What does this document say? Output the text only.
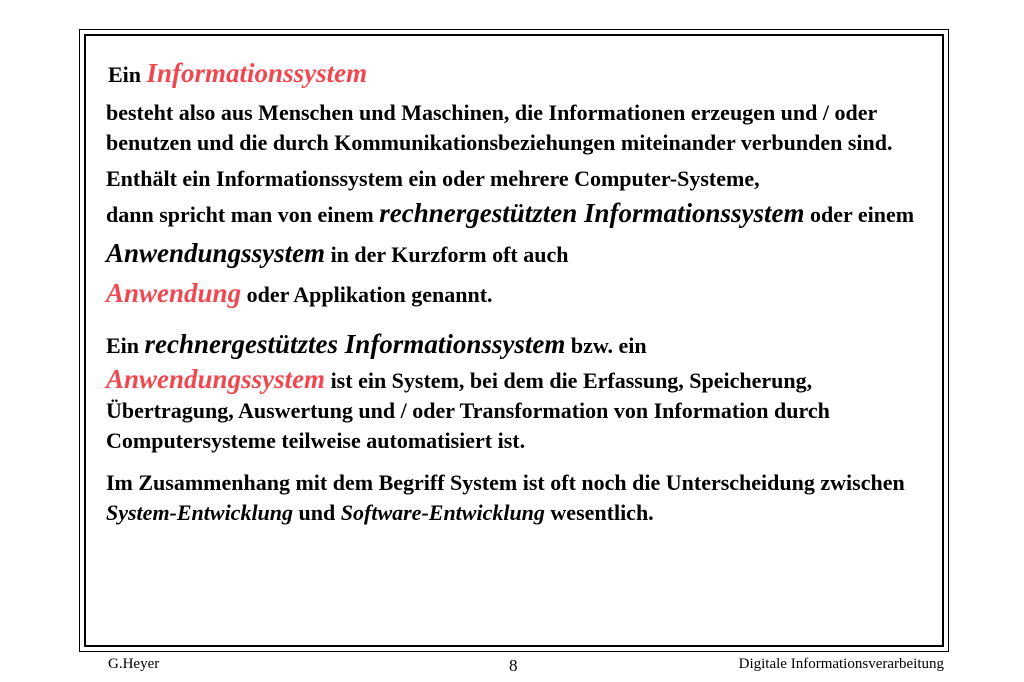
Ein Informationssystem

besteht also aus Menschen und Maschinen, die Informationen erzeugen und / oder benutzen und die durch Kommunikationsbeziehungen miteinander verbunden sind.

Enthält ein Informationssystem ein oder mehrere Computer-Systeme,
dann spricht man von einem rechnergestützten Informationssystem oder einem Anwendungssystem in der Kurzform oft auch
Anwendung oder Applikation genannt.

Ein rechnergestütztes Informationssystem bzw. ein
Anwendungssystem ist ein System, bei dem die Erfassung, Speicherung, Übertragung, Auswertung und / oder Transformation von Information durch Computersysteme teilweise automatisiert ist.

Im Zusammenhang mit dem Begriff System ist oft noch die Unterscheidung zwischen System-Entwicklung und Software-Entwicklung wesentlich.

G.Heyer	8	Digitale Informationsverarbeitung
